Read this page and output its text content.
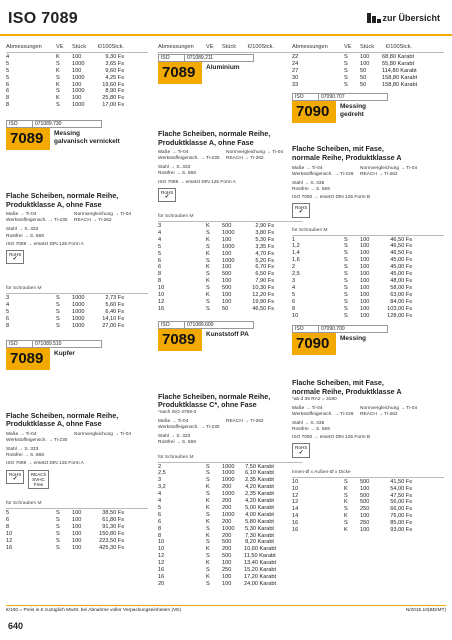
ISO 7089	zur Übersicht
Abmessungen	VE	Stück	€/100Stck.
4	K	100	9,30 Fs
5	S	1000	3,65 Fs
5	K	100	9,60 Fs
5	S	1000	4,25 Fs
6	K	100	19,60 Fs
6	S	1000	8,90 Fs
8	K	100	25,80 Fs
8	S	1000	17,00 Fs
ISO	071089.730
7089	Messing
galvanisch vernickelt
Flache Scheiben, normale Reihe,
Produktklasse A, ohne Fase
Maße → Ti-04	Normvergleichung → Ti-04
Werkstoffeigensch. → Ti-230	REACH → Ti-262
Stahl → S. 333
Rostfrei → S. 568
ISO 7089 → ersetzt DIN 125 Form A
RoHS
✓
für Schrauben M
3	S	1000	2,73 Fs
4	S	1000	5,60 Fs
5	S	1000	6,40 Fs
6	S	1000	14,10 Fs
8	S	1000	27,00 Fs
ISO	071089.510
7089	Kupfer
Flache Scheiben, normale Reihe,
Produktklasse A, ohne Fase
Maße → Ti-04	Normvergleichung → Ti-04
Werkstoffeigensch. → Ti-230
Stahl → S. 333
Rostfrei → S. 568
ISO 7089 → ersetzt DIN 125 Form A
RoHS
✓
REACh
SVHC
Free
für Schrauben M
5	S	100	38,50 Fs
6	S	100	61,80 Fs
8	S	100	91,30 Fs
10	S	100	150,80 Fs
12	S	100	223,50 Fs
16	S	100	425,30 Fs
Abmessungen	VE	Stück	€/100Stck.
ISO	071089.211
7089	Aluminium
Flache Scheiben, normale Reihe,
Produktklasse A, ohne Fase
Maße → Ti-04	Normvergleichung → Ti-04
Werkstoffeigensch. → Ti-230	REACH → Ti-262
Stahl → S. 333
Rostfrei → S. 568
ISO 7089 → ersetzt DIN 125 Form A
RoHS
✓
für Schrauben M
3	K	500	2,90 Fs
4	S	1000	3,80 Fs
4	K	100	5,30 Fs
5	S	1000	3,35 Fs
5	K	100	4,70 Fs
6	S	1000	5,20 Fs
6	K	100	6,70 Fs
8	S	500	6,50 Fs
8	K	100	7,90 Fs
10	S	500	10,30 Fs
10	K	100	12,20 Fs
12	S	100	19,90 Fs
16	S	50	46,50 Fs
ISO	071089.600
7089	Kunststoff PA
Flache Scheiben, normale Reihe,
Produktklasse C*, ohne Fase
*nach ISO 4759-3
Maße → Ti-04	REACH → Ti-262
Werkstoffeigensch. → Ti-230
Stahl → S. 333
Rostfrei → S. 568
für Schrauben M
2	S	1000	7,50 Karabt
2,5	S	1000	6,10 Karabt
3	S	1000	2,35 Karabt
3,2	K	200	4,20 Karabt
4	S	1000	2,35 Karabt
4	K	200	4,20 Karabt
5	K	200	5,00 Karabt
6	S	1000	4,00 Karabt
6	K	200	5,80 Karabt
8	S	1000	5,30 Karabt
8	K	200	7,30 Karabt
10	S	500	8,20 Karabt
10	K	200	10,60 Karabt
12	S	500	11,50 Karabt
12	K	100	13,40 Karabt
16	S	250	15,20 Karabt
16	K	100	17,20 Karabt
20	S	100	24,00 Karabt
Abmessungen	VE	Stück	€/100Stck.
22	S	100	68,80 Karabt
24	S	100	55,80 Karabt
27	S	50	114,80 Karabt
30	S	50	158,80 Karabt
33	S	50	158,80 Karabt
ISO	07090.707
7090	Messing
gedreht
Flache Scheiben, mit Fase,
normale Reihe, Produktklasse A
Maße → Ti-04	Normvergleichung → Ti-04
Werkstoffeigensch. → Ti-229	REACH → Ti-262
Stahl → S. 335
Rostfrei → S. 569
ISO 7090 → ersetzt DIN 125 Form B
RoHS
✓
für Schrauben M
1	S	100	46,50 Fs
1,2	S	100	46,50 Fs
1,4	S	100	46,50 Fs
1,6	S	100	45,00 Fs
2	S	100	45,00 Fs
2,5	S	100	45,00 Fs
3	S	100	48,00 Fs
4	S	100	58,00 Fs
5	S	100	63,00 Fs
6	S	100	84,00 Fs
8	S	100	103,00 Fs
10	S	100	128,00 Fs
ISO	07090.700
7090	Messing
Flache Scheiben, mit Fase,
normale Reihe, Produktklasse A
*ab d 39 RA2 = 3180
Maße → Ti-04	Normvergleichung → Ti-04
Werkstoffeigensch. → Ti-229	REACH → Ti-262
Stahl → S. 335
Rostfrei → S. 569
ISO 7090 → ersetzt DIN 125 Form B
RoHS
✓
Innen-Ø x Außen-Ø x Dicke
10	S	500	41,50 Fs
10	K	100	54,00 Fs
12	S	500	47,50 Fs
12	K	500	56,00 Fs
14	S	250	66,00 Fs
14	K	100	76,00 Fs
16	S	250	85,00 Fs
16	K	100	93,00 Fs
€/100 = Preis in € zuzüglich MwSt. bei Abnahme voller Verpackungseinheiten (VE)	N/2015.10(BD/MT)
640
